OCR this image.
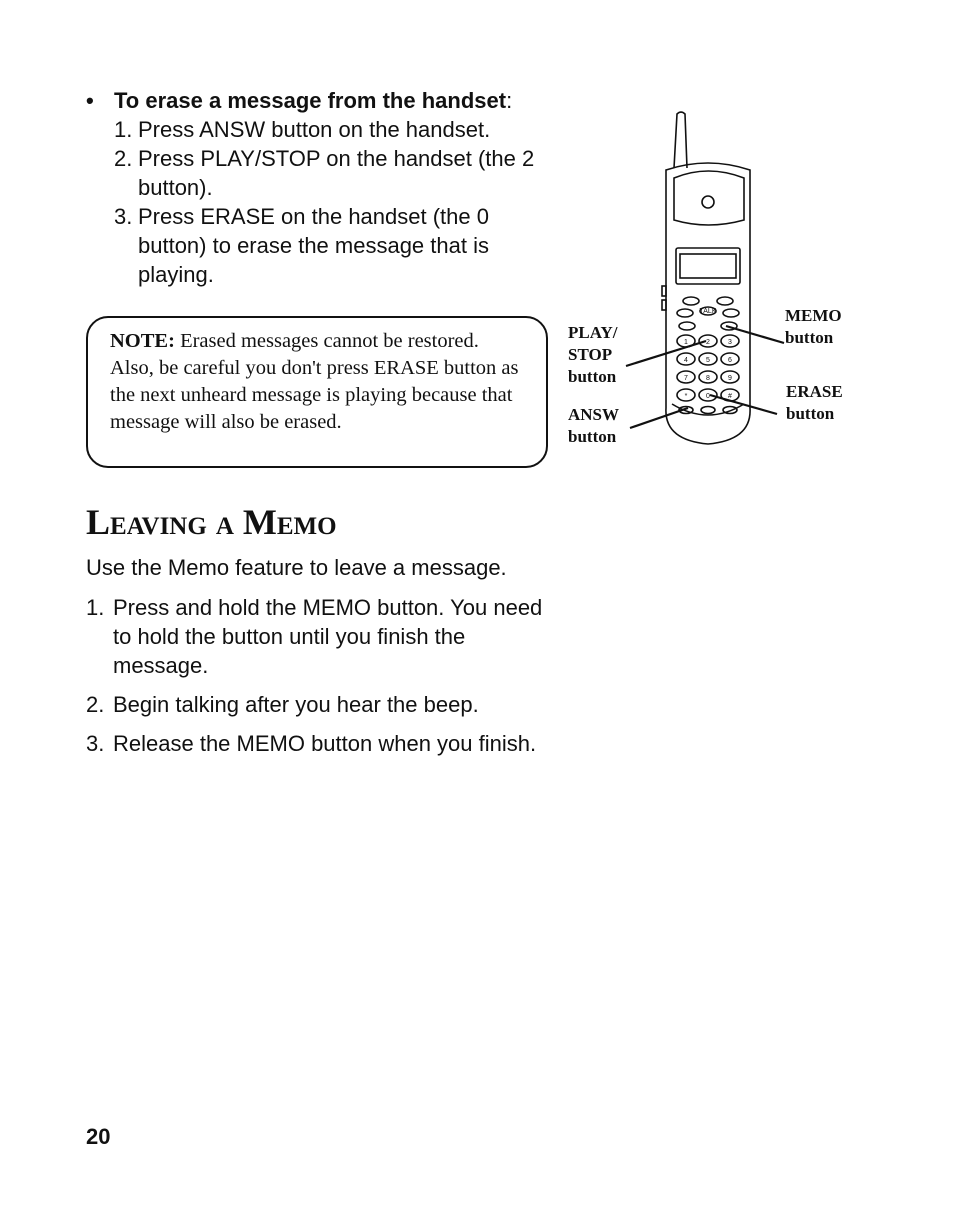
• To erase a message from the handset:
1. Press ANSW button on the handset.
2. Press PLAY/STOP on the handset (the 2 button).
3. Press ERASE on the handset (the 0 button) to erase the message that is playing.
NOTE: Erased messages cannot be restored. Also, be careful you don't press ERASE button as the next unheard message is playing because that message will also be erased.
TALK
1	2	3
4	5	6
7	8	9
*	0	#
PLAY/
STOP
button
ANSW
button
MEMO
button
ERASE
button
LEAVING A MEMO

Use the Memo feature to leave a message.

1. Press and hold the MEMO button. You need to hold the button until you finish the message.
2. Begin talking after you hear the beep.
3. Release the MEMO button when you finish.
20
